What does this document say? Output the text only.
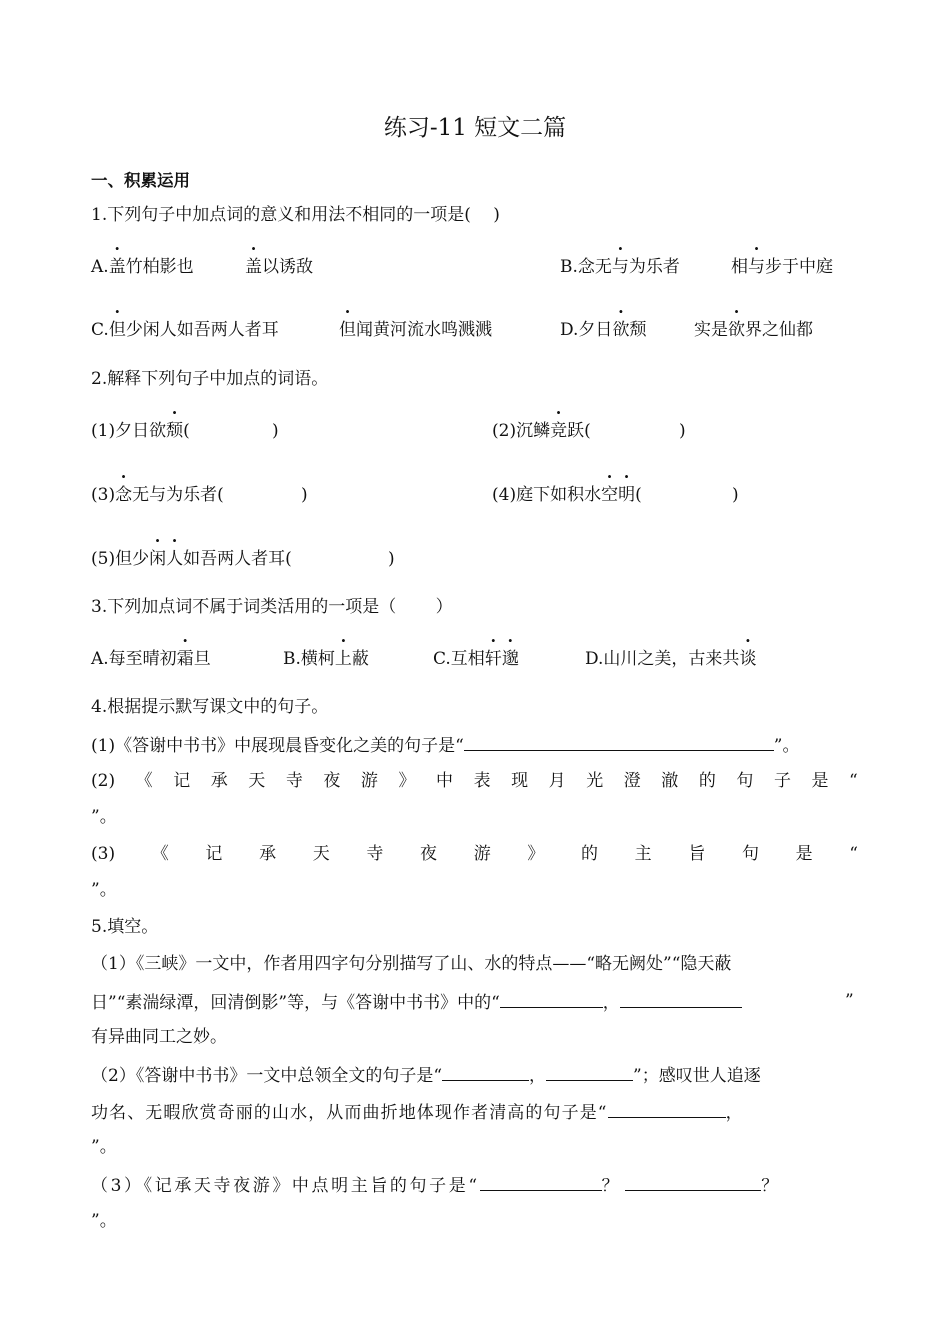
练习-11 短文二篇
一、积累运用
1.下列句子中加点词的意义和用法不相同的一项是(　 )
A.盖竹柏影也	盖以诱敌	B.念无与为乐者	相与步于中庭
C.但少闲人如吾两人者耳	但闻黄河流水鸣溅溅	D.夕日欲颓	实是欲界之仙都
2.解释下列句子中加点的词语。
(1)夕日欲颓(	)	(2)沉鳞竞跃(	)
(3)念无与为乐者(	)	(4)庭下如积水空明(	)
(5)但少闲人如吾两人者耳(	)
3.下列加点词不属于词类活用的一项是（　　 ）
A.每至晴初霜旦	B.横柯上蔽	C.互相轩邈	D.山川之美，古来共谈
4.根据提示默写课文中的句子。
(1)《答谢中书书》中展现晨昏变化之美的句子是“	”。
(2) 《 记 承 天 寺 夜 游 》 中 表 现 月 光 澄 澈 的 句 子 是 “
”。
(3) 《 记 承 天 寺 夜 游 》 的 主 旨 句 是 “
”。
5.填空。
（1）《三峡》一文中，作者用四字句分别描写了山、水的特点——“略无阙处”“隐天蔽
日”“素湍绿潭，回清倒影”等，与《答谢中书书》中的“	，	”
有异曲同工之妙。
（2）《答谢中书书》一文中总领全文的句子是“	，	”；感叹世人追逐
功名、无暇欣赏奇丽的山水，从而曲折地体现作者清高的句子是“	，
”。
（3）《记承天寺夜游》中点明主旨的句子是“	？	？
”。
